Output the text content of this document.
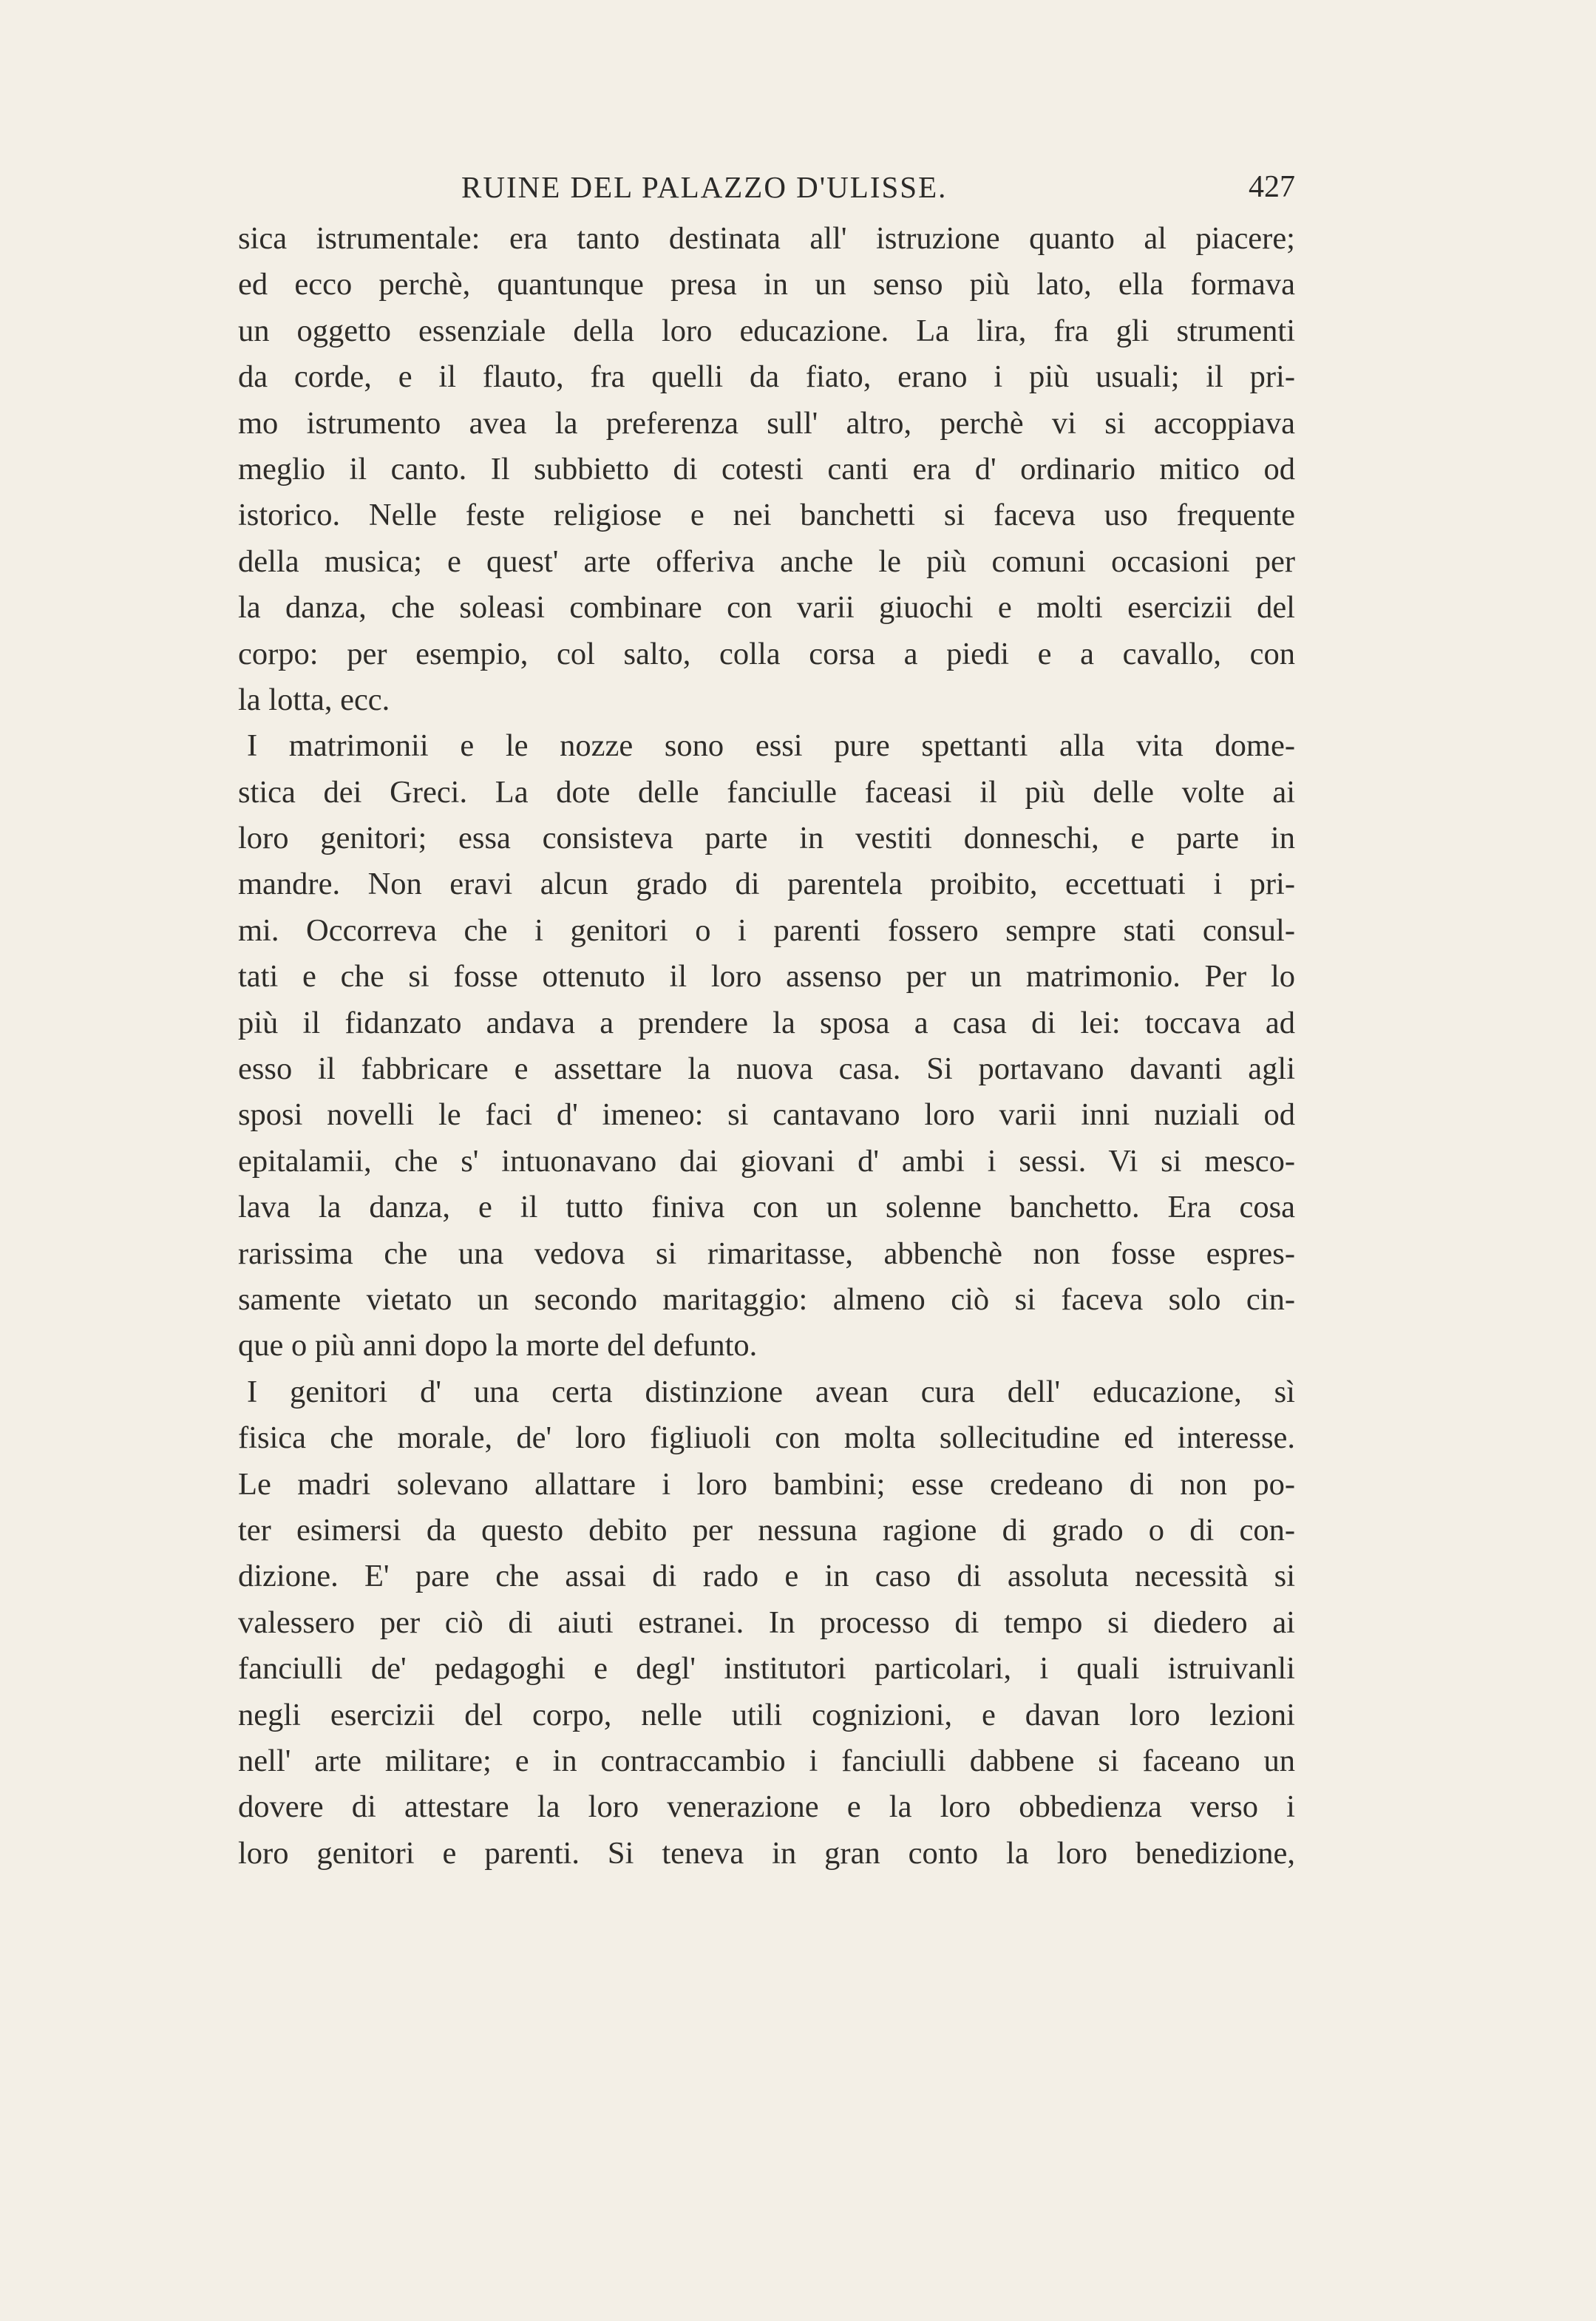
RUINE DEL PALAZZO D'ULISSE.	427
sica istrumentale: era tanto destinata all' istruzione quanto al piacere;
ed ecco perchè, quantunque presa in un senso più lato, ella formava
un oggetto essenziale della loro educazione. La lira, fra gli strumenti
da corde, e il flauto, fra quelli da fiato, erano i più usuali; il pri-
mo istrumento avea la preferenza sull' altro, perchè vi si accoppiava
meglio il canto. Il subbietto di cotesti canti era d' ordinario mitico od
istorico. Nelle feste religiose e nei banchetti si faceva uso frequente
della musica; e quest' arte offeriva anche le più comuni occasioni per
la danza, che soleasi combinare con varii giuochi e molti esercizii del
corpo: per esempio, col salto, colla corsa a piedi e a cavallo, con
la lotta, ecc.
I matrimonii e le nozze sono essi pure spettanti alla vita dome-
stica dei Greci. La dote delle fanciulle faceasi il più delle volte ai
loro genitori; essa consisteva parte in vestiti donneschi, e parte in
mandre. Non eravi alcun grado di parentela proibito, eccettuati i pri-
mi. Occorreva che i genitori o i parenti fossero sempre stati consul-
tati e che si fosse ottenuto il loro assenso per un matrimonio. Per lo
più il fidanzato andava a prendere la sposa a casa di lei: toccava ad
esso il fabbricare e assettare la nuova casa. Si portavano davanti agli
sposi novelli le faci d' imeneo: si cantavano loro varii inni nuziali od
epitalamii, che s' intuonavano dai giovani d' ambi i sessi. Vi si mesco-
lava la danza, e il tutto finiva con un solenne banchetto. Era cosa
rarissima che una vedova si rimaritasse, abbenchè non fosse espres-
samente vietato un secondo maritaggio: almeno ciò si faceva solo cin-
que o più anni dopo la morte del defunto.
I genitori d' una certa distinzione avean cura dell' educazione, sì
fisica che morale, de' loro figliuoli con molta sollecitudine ed interesse.
Le madri solevano allattare i loro bambini; esse credeano di non po-
ter esimersi da questo debito per nessuna ragione di grado o di con-
dizione. E' pare che assai di rado e in caso di assoluta necessità si
valessero per ciò di aiuti estranei. In processo di tempo si diedero ai
fanciulli de' pedagoghi e degl' institutori particolari, i quali istruivanli
negli esercizii del corpo, nelle utili cognizioni, e davan loro lezioni
nell' arte militare; e in contraccambio i fanciulli dabbene si faceano un
dovere di attestare la loro venerazione e la loro obbedienza verso i
loro genitori e parenti. Si teneva in gran conto la loro benedizione,
